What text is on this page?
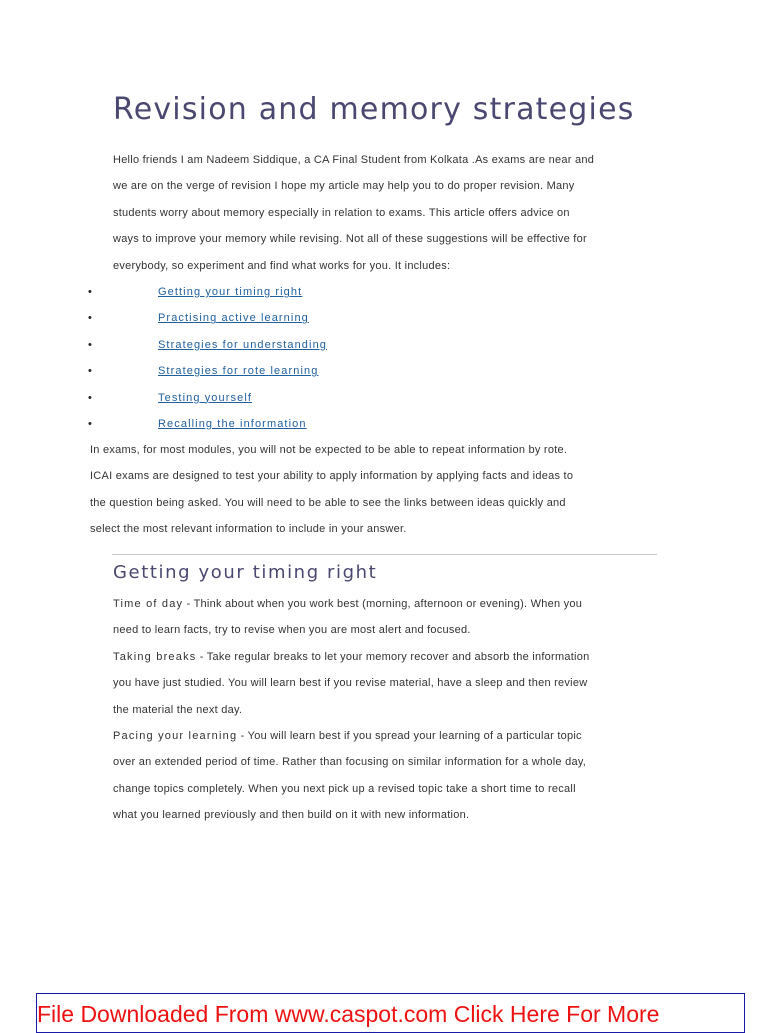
Revision and memory strategies
Hello friends I am Nadeem Siddique, a CA Final Student from Kolkata .As exams are near and
we are on the verge of revision I hope my article may help you to do proper revision. Many
students worry about memory especially in relation to exams. This article offers advice on
ways to improve your memory while revising. Not all of these suggestions will be effective for
everybody, so experiment and find what works for you. It includes:
•	Getting your timing right
•	Practising active learning
•	Strategies for understanding
•	Strategies for rote learning
•	Testing yourself
•	Recalling the information
In exams, for most modules, you will not be expected to be able to repeat information by rote.
ICAI exams are designed to test your ability to apply information by applying facts and ideas to
the question being asked. You will need to be able to see the links between ideas quickly and
select the most relevant information to include in your answer.
Getting your timing right
Time of day - Think about when you work best (morning, afternoon or evening). When you
need to learn facts, try to revise when you are most alert and focused.
Taking breaks - Take regular breaks to let your memory recover and absorb the information
you have just studied. You will learn best if you revise material, have a sleep and then review
the material the next day.
Pacing your learning - You will learn best if you spread your learning of a particular topic
over an extended period of time. Rather than focusing on similar information for a whole day,
change topics completely. When you next pick up a revised topic take a short time to recall
what you learned previously and then build on it with new information.
File Downloaded From www.caspot.com Click Here For More
